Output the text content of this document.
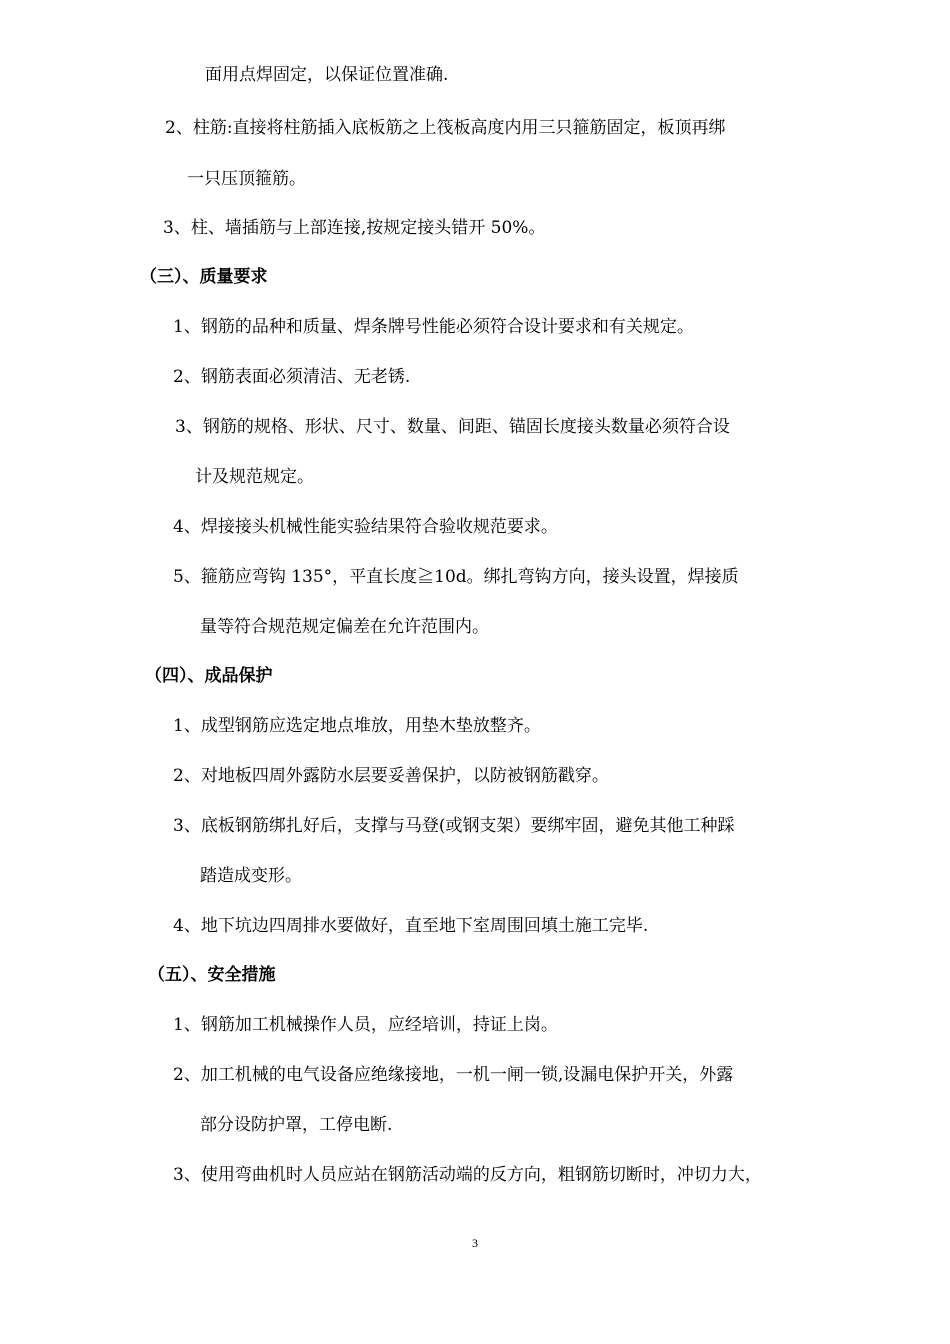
面用点焊固定，以保证位置准确.
2、柱筋:直接将柱筋插入底板筋之上筏板高度内用三只箍筋固定，板顶再绑
一只压顶箍筋。
3、柱、墙插筋与上部连接,按规定接头错开 50%。
（三）、质量要求
1、钢筋的品种和质量、焊条牌号性能必须符合设计要求和有关规定。
2、钢筋表面必须清洁、无老锈.
3、钢筋的规格、形状、尺寸、数量、间距、锚固长度接头数量必须符合设
计及规范规定。
4、焊接接头机械性能实验结果符合验收规范要求。
5、箍筋应弯钩 135°，平直长度≧10d。绑扎弯钩方向，接头设置，焊接质
量等符合规范规定偏差在允许范围内。
（四）、成品保护
1、成型钢筋应选定地点堆放，用垫木垫放整齐。
2、对地板四周外露防水层要妥善保护，以防被钢筋戳穿。
3、底板钢筋绑扎好后，支撑与马登(或钢支架）要绑牢固，避免其他工种踩
踏造成变形。
4、地下坑边四周排水要做好，直至地下室周围回填土施工完毕.
（五）、安全措施
1、钢筋加工机械操作人员，应经培训，持证上岗。
2、加工机械的电气设备应绝缘接地，一机一闸一锁,设漏电保护开关，外露
部分设防护罩，工停电断.
3、使用弯曲机时人员应站在钢筋活动端的反方向，粗钢筋切断时，冲切力大，
3
